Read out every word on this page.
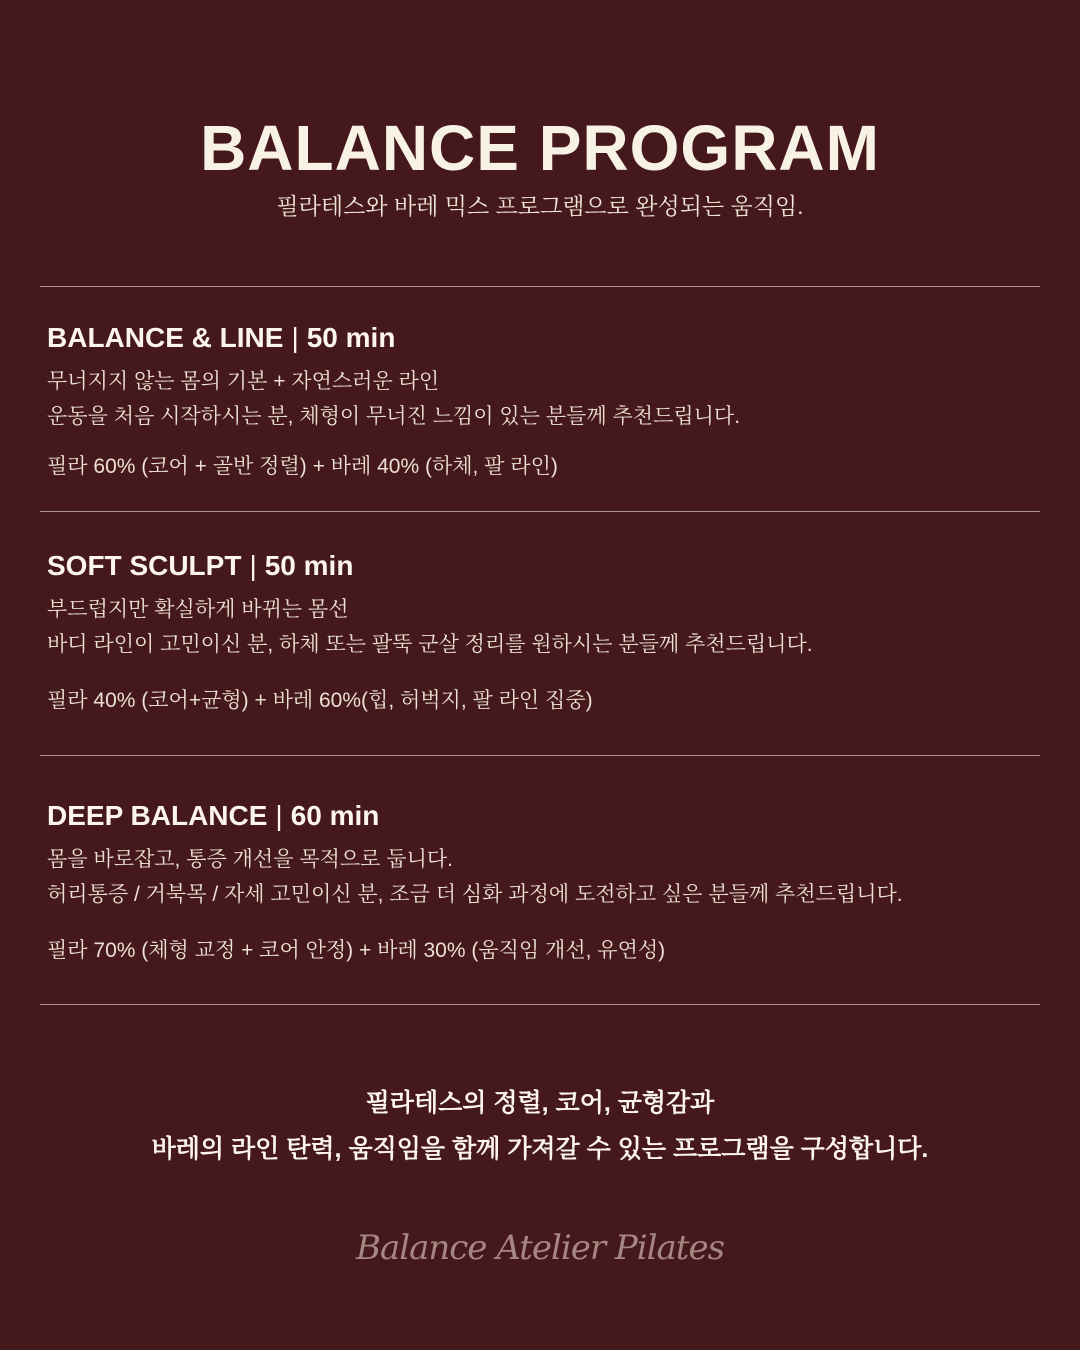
BALANCE PROGRAM
필라테스와 바레 믹스 프로그램으로 완성되는 움직임.
BALANCE & LINE | 50 min
무너지지 않는 몸의 기본 + 자연스러운 라인
운동을 처음 시작하시는 분, 체형이 무너진 느낌이 있는 분들께 추천드립니다.
필라 60% (코어 + 골반 정렬) + 바레 40% (하체, 팔 라인)
SOFT SCULPT | 50 min
부드럽지만 확실하게 바뀌는 몸선
바디 라인이 고민이신 분, 하체 또는 팔뚝 군살 정리를 원하시는 분들께 추천드립니다.
필라 40% (코어+균형) + 바레 60%(힙, 허벅지, 팔 라인 집중)
DEEP BALANCE | 60 min
몸을 바로잡고, 통증 개선을 목적으로 둡니다.
허리통증 / 거북목 / 자세 고민이신 분, 조금 더 심화 과정에 도전하고 싶은 분들께 추천드립니다.
필라 70% (체형 교정 + 코어 안정) + 바레 30% (움직임 개선, 유연성)
필라테스의 정렬, 코어, 균형감과
바레의 라인 탄력, 움직임을 함께 가져갈 수 있는 프로그램을 구성합니다.
Balance Atelier Pilates
